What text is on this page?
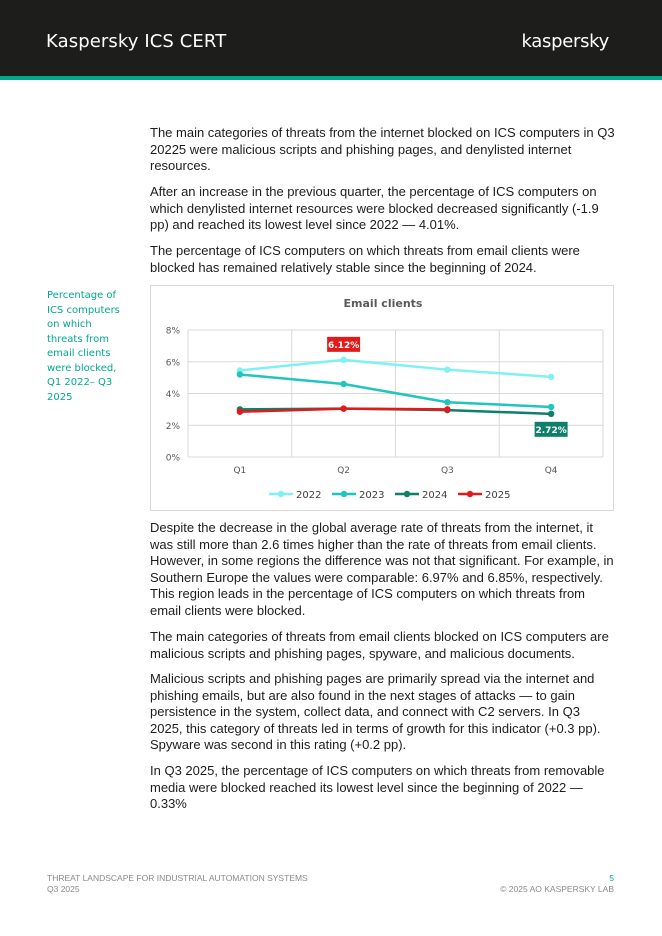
Kaspersky ICS CERT	kaspersky

The main categories of threats from the internet blocked on ICS computers in Q3 20225 were malicious scripts and phishing pages, and denylisted internet resources.

After an increase in the previous quarter, the percentage of ICS computers on which denylisted internet resources were blocked decreased significantly (-1.9 pp) and reached its lowest level since 2022 — 4.01%.

The percentage of ICS computers on which threats from email clients were blocked has remained relatively stable since the beginning of 2024.

Percentage of ICS computers on which threats from email clients were blocked, Q1 2022– Q3 2025
Email clients
0%
2%
4%
6%
8%
Q1	Q2	Q3	Q4
6.12%
2.72%
2022	2023	2024	2025

Despite the decrease in the global average rate of threats from the internet, it was still more than 2.6 times higher than the rate of threats from email clients. However, in some regions the difference was not that significant. For example, in Southern Europe the values were comparable: 6.97% and 6.85%, respectively. This region leads in the percentage of ICS computers on which threats from email clients were blocked.

The main categories of threats from email clients blocked on ICS computers are malicious scripts and phishing pages, spyware, and malicious documents.

Malicious scripts and phishing pages are primarily spread via the internet and phishing emails, but are also found in the next stages of attacks — to gain persistence in the system, collect data, and connect with C2 servers. In Q3 2025, this category of threats led in terms of growth for this indicator (+0.3 pp). Spyware was second in this rating (+0.2 pp).

In Q3 2025, the percentage of ICS computers on which threats from removable media were blocked reached its lowest level since the beginning of 2022 — 0.33%

THREAT LANDSCAPE FOR INDUSTRIAL AUTOMATION SYSTEMS
Q3 2025
5
© 2025 AO KASPERSKY LAB
